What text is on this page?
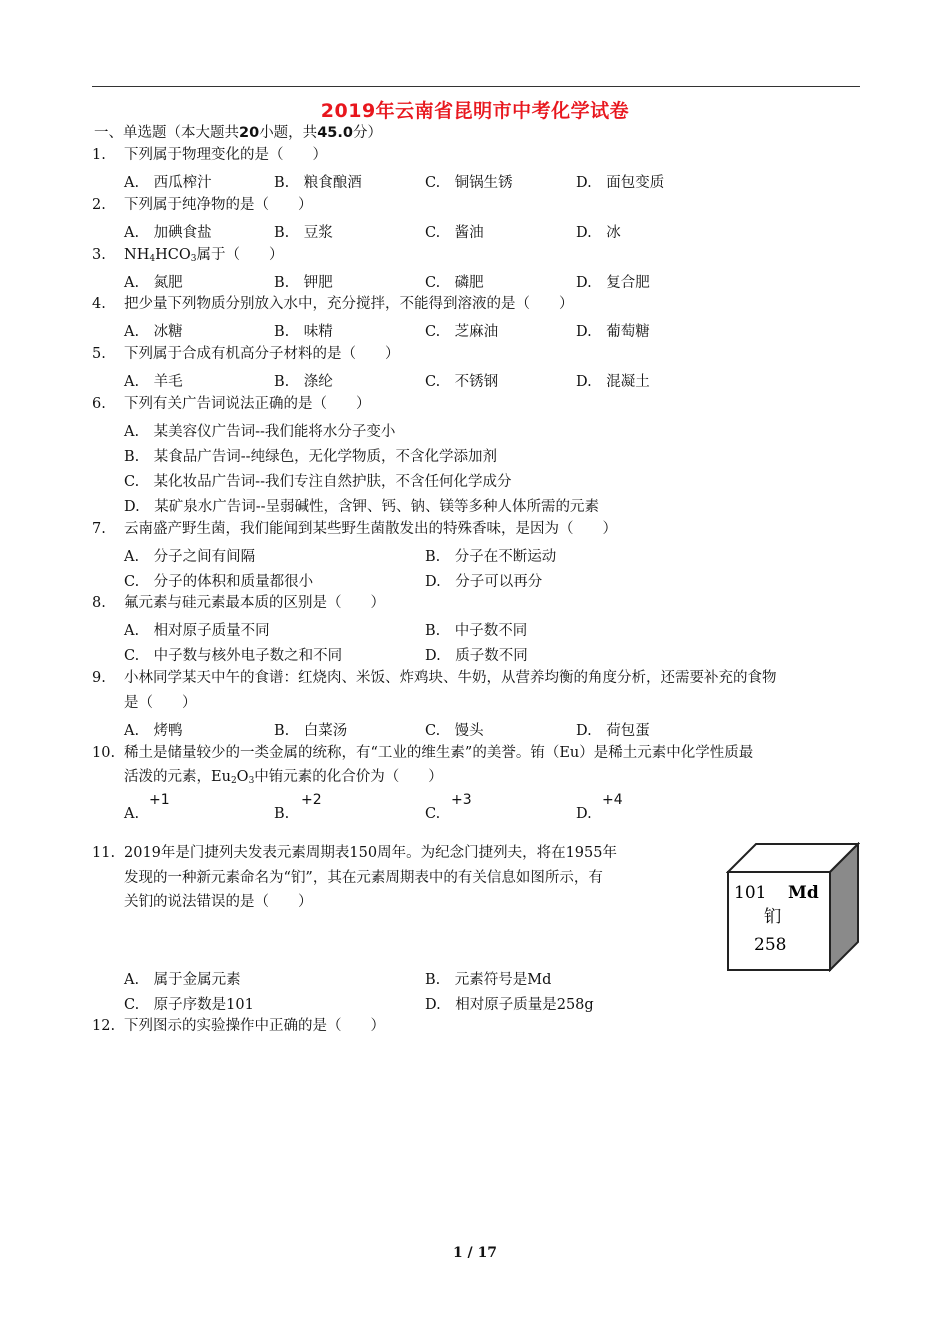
2019年云南省昆明市中考化学试卷
一、单选题（本大题共20小题，共45.0分）
1. 下列属于物理变化的是（　　）
A.　西瓜榨汁	B.　粮食酿酒	C.　铜锅生锈	D.　面包变质
2. 下列属于纯净物的是（　　）
A.　加碘食盐	B.　豆浆	C.　酱油	D.　冰
3. $NH_4HCO_3$属于（　　）
A.　氮肥	B.　钾肥	C.　磷肥	D.　复合肥
4. 把少量下列物质分别放入水中，充分搅拌，不能得到溶液的是（　　）
A.　冰糖	B.　味精	C.　芝麻油	D.　葡萄糖
5. 下列属于合成有机高分子材料的是（　　）
A.　羊毛	B.　涤纶	C.　不锈钢	D.　混凝土
6. 下列有关广告词说法正确的是（　　）
A.　某美容仪广告词--我们能将水分子变小
B.　某食品广告词--纯绿色，无化学物质，不含化学添加剂
C.　某化妆品广告词--我们专注自然护肤，不含任何化学成分
D.　某矿泉水广告词--呈弱碱性，含钾、钙、钠、镁等多种人体所需的元素
7. 云南盛产野生菌，我们能闻到某些野生菌散发出的特殊香味，是因为（　　）
A.　分子之间有间隔	B.　分子在不断运动
C.　分子的体积和质量都很小	D.　分子可以再分
8. 氟元素与硅元素最本质的区别是（　　）
A.　相对原子质量不同	B.　中子数不同
C.　中子数与核外电子数之和不同	D.　质子数不同
9. 小林同学某天中午的食谱：红烧肉、米饭、炸鸡块、牛奶，从营养均衡的角度分析，还需要补充的食物
是（　　）
A.　烤鸭	B.　白菜汤	C.　馒头	D.　荷包蛋
10. 稀土是储量较少的一类金属的统称，有“工业的维生素”的美誉。铕（Eu）是稀土元素中化学性质最
活泼的元素，$Eu_2O_3$中铕元素的化合价为（　　）
+1	+2	+3	+4
A.	B.	C.	D.
11. 2019年是门捷列夫发表元素周期表150周年。为纪念门捷列夫，将在1955年
发现的一种新元素命名为“钔”，其在元素周期表中的有关信息如图所示，有
关钔的说法错误的是（　　）	101 Md
钔
258
A.　属于金属元素	B.　元素符号是Md
C.　原子序数是101	D.　相对原子质量是258g
12. 下列图示的实验操作中正确的是（　　）
1 / 17
